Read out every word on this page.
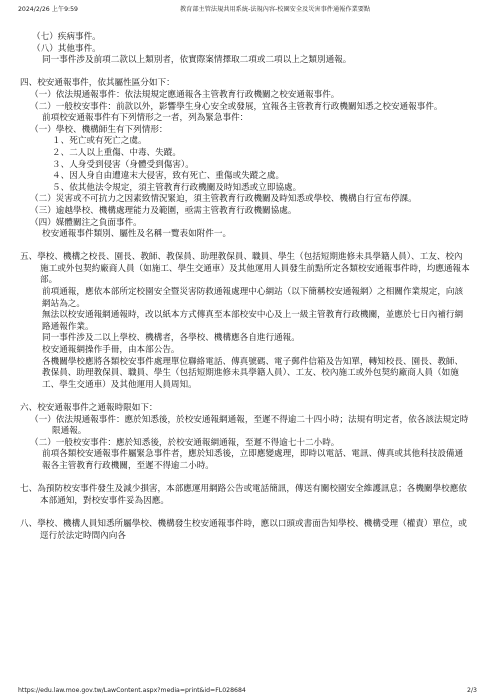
2024/2/26 上午9:59	教育部主管法規共用系統-法規內容-校園安全及災害事件通報作業要點

（七）疾病事件。

（八）其他事件。

同一事件涉及前項二款以上類別者，依實際案情擇取二項或二項以上之類別通報。

四、校安通報事件，依其屬性區分如下：

（一）依法規通報事件：依法規規定應通報各主管教育行政機關之校安通報事件。

（二）一般校安事件：前款以外，影響學生身心安全或發展，宜報各主管教育行政機關知悉之校安通報事件。

前項校安通報事件有下列情形之一者，列為緊急事件：

（一）學校、機構師生有下列情形：

１、死亡或有死亡之虞。

２、二人以上重傷、中毒、失蹤。

３、人身受到侵害（身體受到傷害）。

４、因人身自由遭違末大侵害，致有死亡、重傷或失蹤之虞。

５、依其他法令規定，須主管教育行政機關及時知悉或立即協處。

（二）災害或不可抗力之因素致情況緊迫，須主管教育行政機關及時知悉或學校、機構自行宣布停課。

（三）逾越學校、機構處理能力及範圍，亟需主管教育行政機關協處。

（四）媒體關注之負面事件。

校安通報事件類別、屬性及名稱一覽表如附件一。

五、學校、機構之校長、園長、教師、教保員、助理教保員、職員、學生（包括短期進修未具學籍人員）、工友、校內施工或外包契約廠商人員（如施工、學生交通車）及其他運用人員發生前點所定各類校安通報事件時，均應通報本部。

前項通報，應依本部所定校園安全暨災害防救通報處理中心網站（以下簡稱校安通報網）之相關作業規定，向該網站為之。

無法以校安通報網通報時，改以紙本方式傳真至本部校安中心及上一級主管教育行政機關，並應於七日內補行網路通報作業。

同一事件涉及二以上學校、機構者，各學校、機構應各自進行通報。

校安通報網操作手冊，由本部公告。

各機關學校應將各類校安事件處理單位聯絡電話、傳真號碼、電子郵件信箱及告知單，轉知校長、園長、教師、教保員、助理教保員、職員、學生（包括短期進修未具學籍人員）、工友、校內施工或外包契約廠商人員（如施工、學生交通車）及其他運用人員周知。

六、校安通報事件之通報時限如下：

（一）依法規通報事件：應於知悉後，於校安通報網通報，至遲不得逾二十四小時；法規有明定者，依各該法規定時限通報。

（二）一般校安事件：應於知悉後，於校安通報網通報，至遲不得逾七十二小時。

前項各類校安通報事件屬緊急事件者，應於知悉後，立即應變處理，即時以電話、電訊、傳真或其他科技設備通報各主管教育行政機關，至遲不得逾二小時。

七、為預防校安事件發生及減少損害，本部應運用網路公告或電話簡訊，傳送有關校園安全維護訊息；各機關學校應依本部通知，對校安事件妥為因應。

八、學校、機構人員知悉所屬學校、機構發生校安通報事件時，應以口頭或書面告知學校、機構受理（權責）單位，或逕行於法定時間內向各

https://edu.law.moe.gov.tw/LawContent.aspx?media=print&id=FL028684	2/3
